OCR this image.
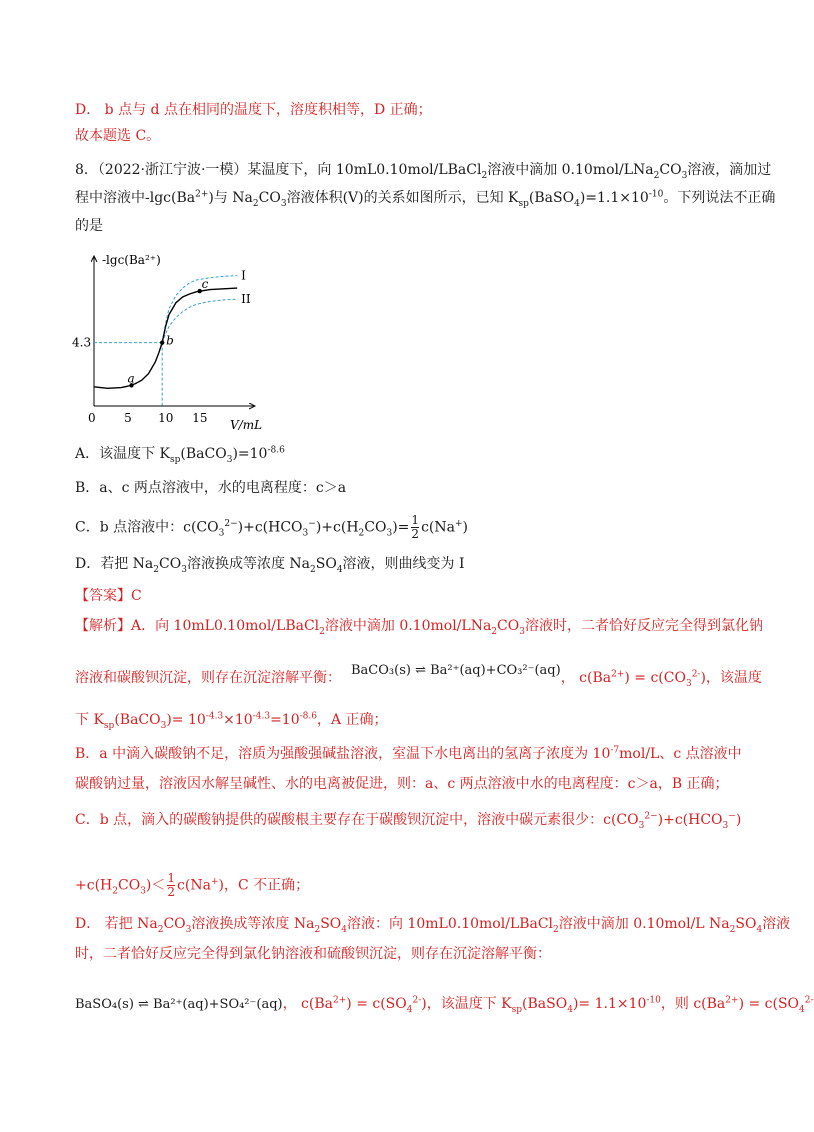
D． b 点与 d 点在相同的温度下，溶度积相等，D 正确；
故本题选 C。
8．（2022·浙江宁波·一模）某温度下，向 10mL0.10mol/LBaCl$_2$溶液中滴加 $0.10mol/LNa_2CO_3$溶液，滴加过
程中溶液中$-\lg c(Ba^{2+})$与 $Na_2CO_3$溶液体积(V)的关系如图所示，已知 $K_{sp}(BaSO_4)=1.1\times 10^{-10}$。下列说法不正确
的是
-lgc(Ba²⁺)
V/mL
0 5 10 15
4.3
I
II
a
b
c
A．该温度下 $K_{sp}(BaCO_3)=10^{-8.6}$
B．a、c 两点溶液中，水的电离程度：c＞a
C．b 点溶液中：$c(CO_3^{2-})+c(HCO_3^-)+c(H_2CO_3)= \frac{1}{2} c(Na^+)$
D．若把 $Na_2CO_3$溶液换成等浓度 $Na_2SO_4$溶液，则曲线变为 I
【答案】C
【解析】A．向 10mL0.10mol/LBaCl$_2$溶液中滴加 $0.10mol/LNa_2CO_3$溶液时，二者恰好反应完全得到氯化钠
溶液和碳酸钡沉淀，则存在沉淀溶解平衡： BaCO₃(s) ⇌ Ba²⁺(aq)+CO₃²⁻(aq)， $c(Ba^{2+}) = c(CO_3^{2-})$，该温度
下 $K_{sp}(BaCO_3)= 10^{-4.3}\times 10^{-4.3}=10^{-8.6}$，A 正确；
B．a 中滴入碳酸钠不足，溶质为强酸强碱盐溶液，室温下水电离出的氢离子浓度为 $10^{-7}mol/L$、c 点溶液中
碳酸钠过量，溶液因水解呈碱性、水的电离被促进，则：a、c 两点溶液中水的电离程度：c＞a，B 正确；
C．b 点，滴入的碳酸钠提供的碳酸根主要存在于碳酸钡沉淀中，溶液中碳元素很少：$c(CO_3^{2-})+c(HCO_3^-)$
$+c(H_2CO_3)< \frac{1}{2} c(Na^+)$，C 不正确；
D． 若把 $Na_2CO_3$溶液换成等浓度 $Na_2SO_4$溶液：向 10mL0.10mol/LBaCl$_2$溶液中滴加 0.10mol/L $Na_2SO_4$溶液
时，二者恰好反应完全得到氯化钠溶液和硫酸钡沉淀，则存在沉淀溶解平衡：
BaSO₄(s) ⇌ Ba²⁺(aq)+SO₄²⁻(aq)， $c(Ba^{2+}) = c(SO_4^{2-})$，该温度下 $K_{sp}(BaSO_4)= 1.1\times 10^{-10}$，则 $c(Ba^{2+}) = c(SO_4^{2-}$
